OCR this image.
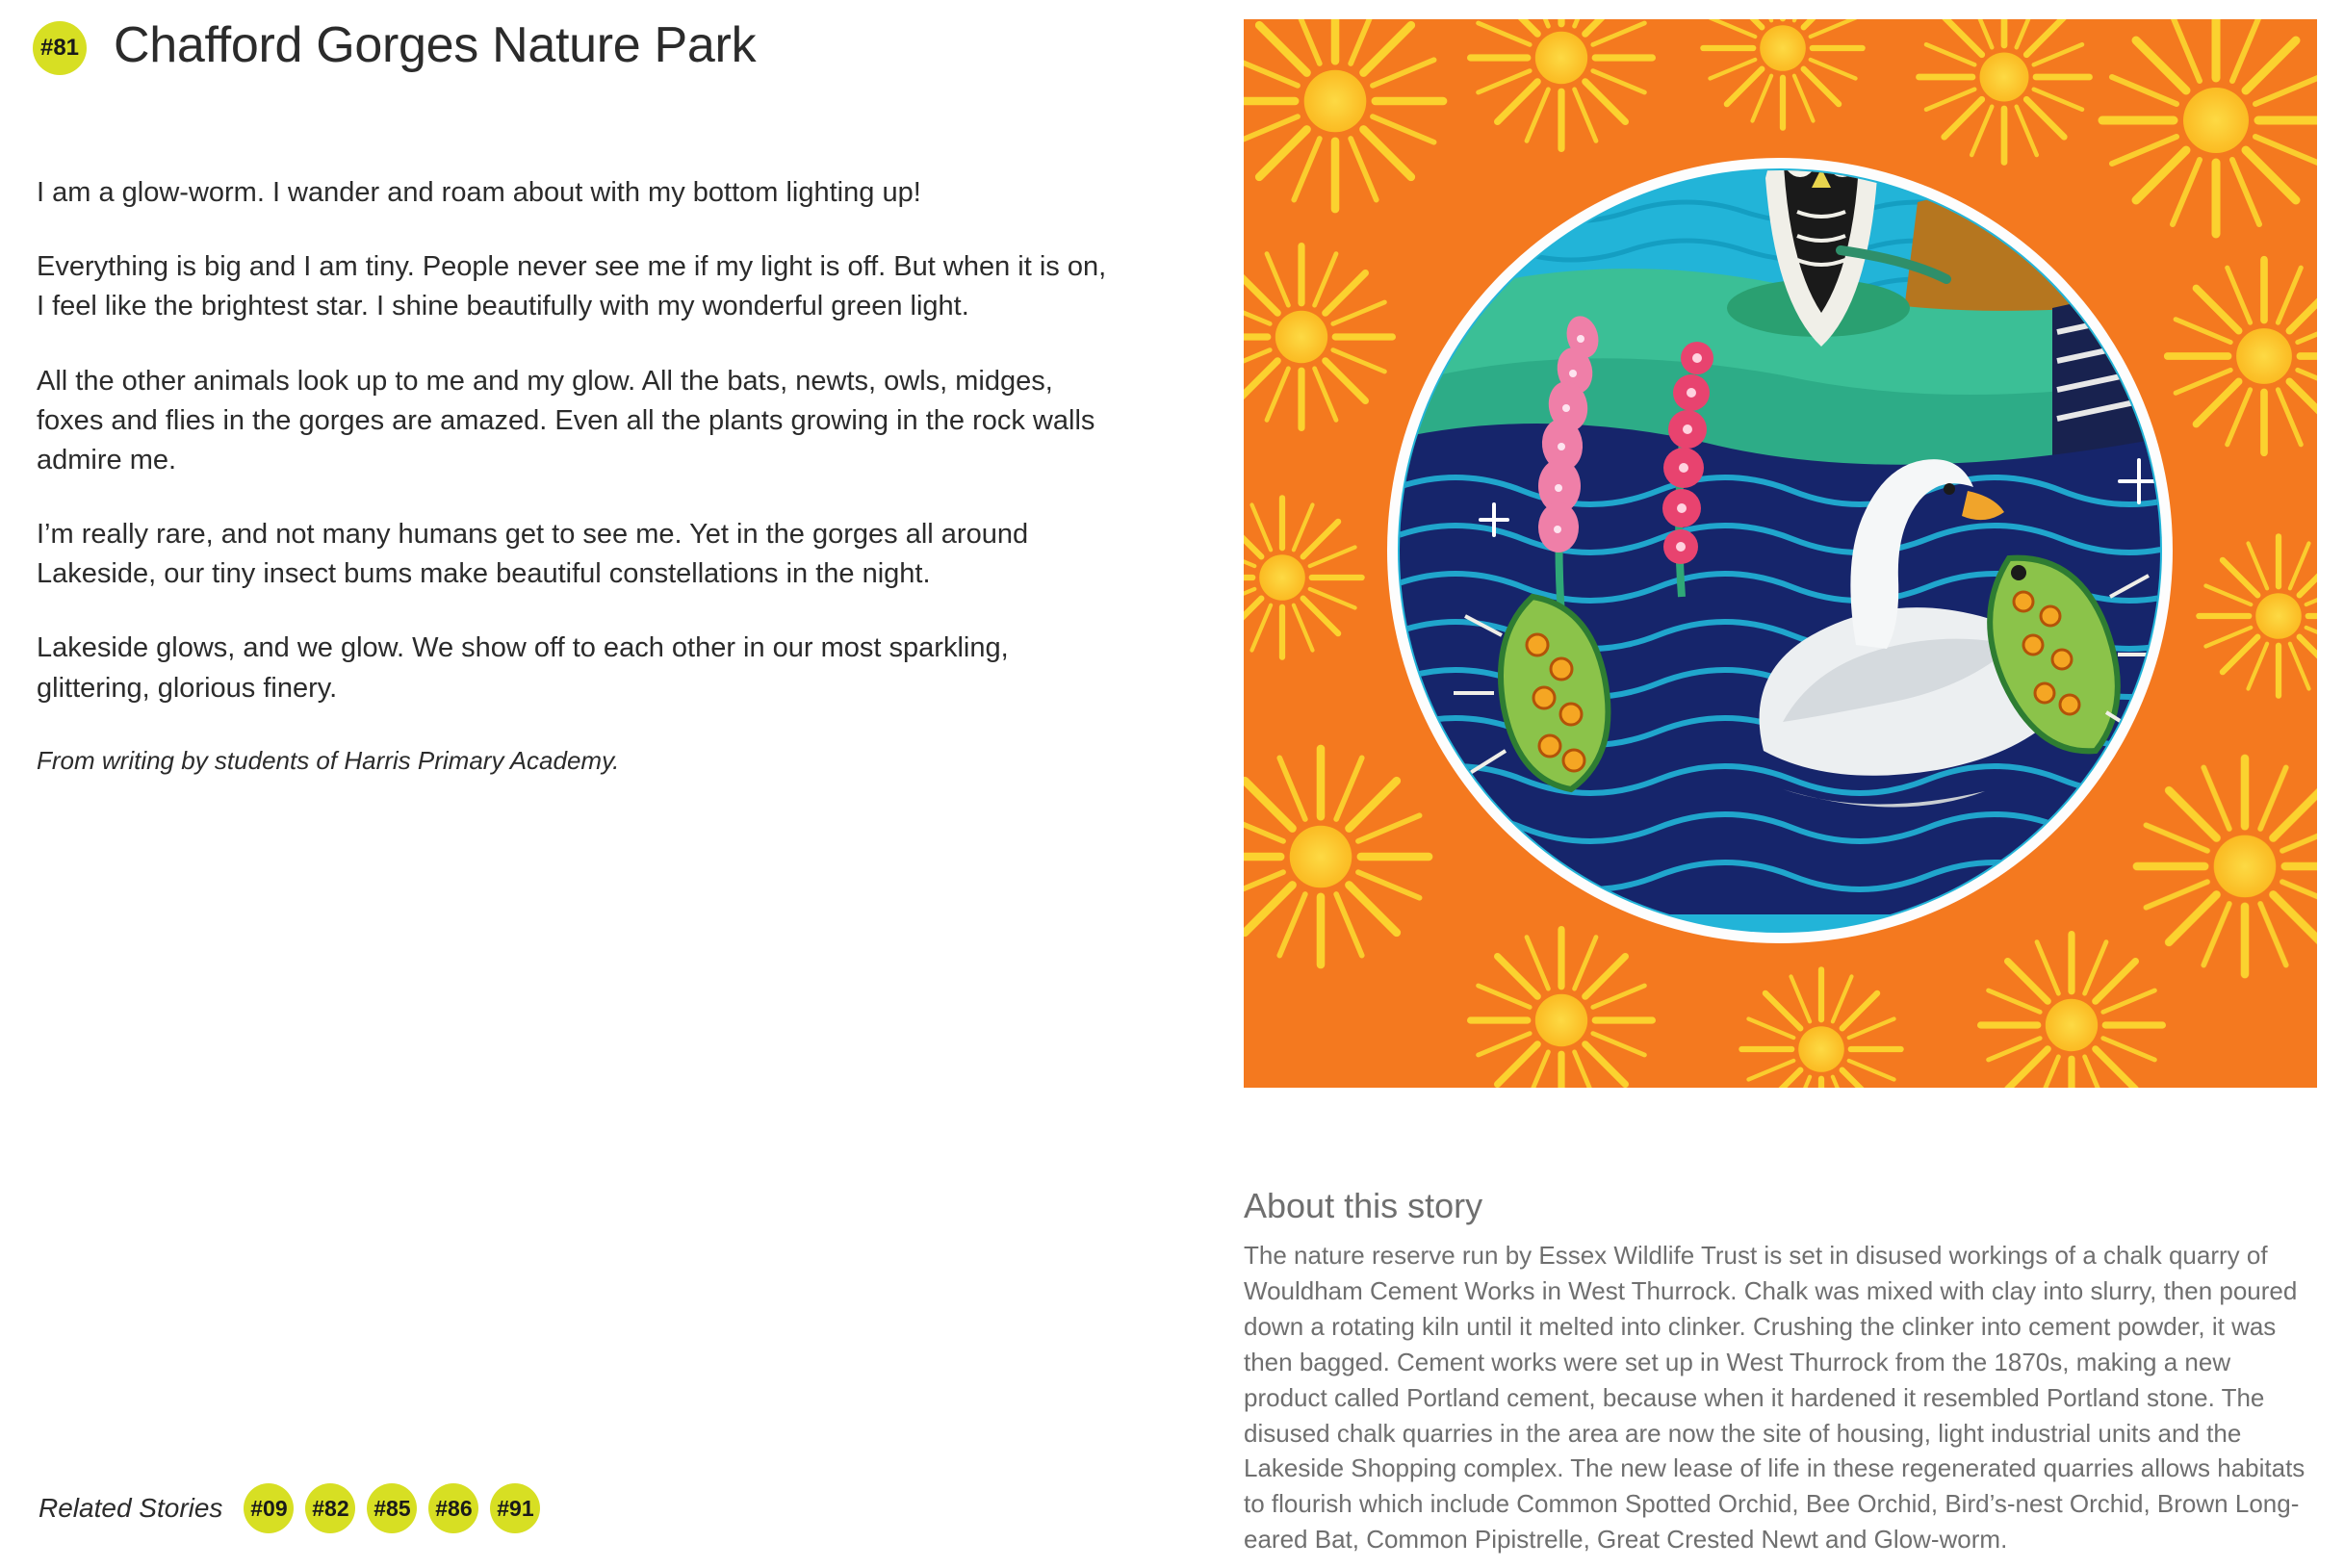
#81 Chafford Gorges Nature Park

I am a glow-worm. I wander and roam about with my bottom lighting up!

Everything is big and I am tiny. People never see me if my light is off. But when it is on, I feel like the brightest star. I shine beautifully with my wonderful green light.

All the other animals look up to me and my glow. All the bats, newts, owls, midges, foxes and flies in the gorges are amazed. Even all the plants growing in the rock walls admire me.

I’m really rare, and not many humans get to see me. Yet in the gorges all around Lakeside, our tiny insect bums make beautiful constellations in the night.

Lakeside glows, and we glow. We show off to each other in our most sparkling, glittering, glorious finery.

From writing by students of Harris Primary Academy.

Related Stories #09 #82 #85 #86 #91
About this story

The nature reserve run by Essex Wildlife Trust is set in disused workings of a chalk quarry of Wouldham Cement Works in West Thurrock. Chalk was mixed with clay into slurry, then poured down a rotating kiln until it melted into clinker. Crushing the clinker into cement powder, it was then bagged. Cement works were set up in West Thurrock from the 1870s, making a new product called Portland cement, because when it hardened it resembled Portland stone. The disused chalk quarries in the area are now the site of housing, light industrial units and the Lakeside Shopping complex. The new lease of life in these regenerated quarries allows habitats to flourish which include Common Spotted Orchid, Bee Orchid, Bird’s-nest Orchid, Brown Long-eared Bat, Common Pipistrelle, Great Crested Newt and Glow-worm.
